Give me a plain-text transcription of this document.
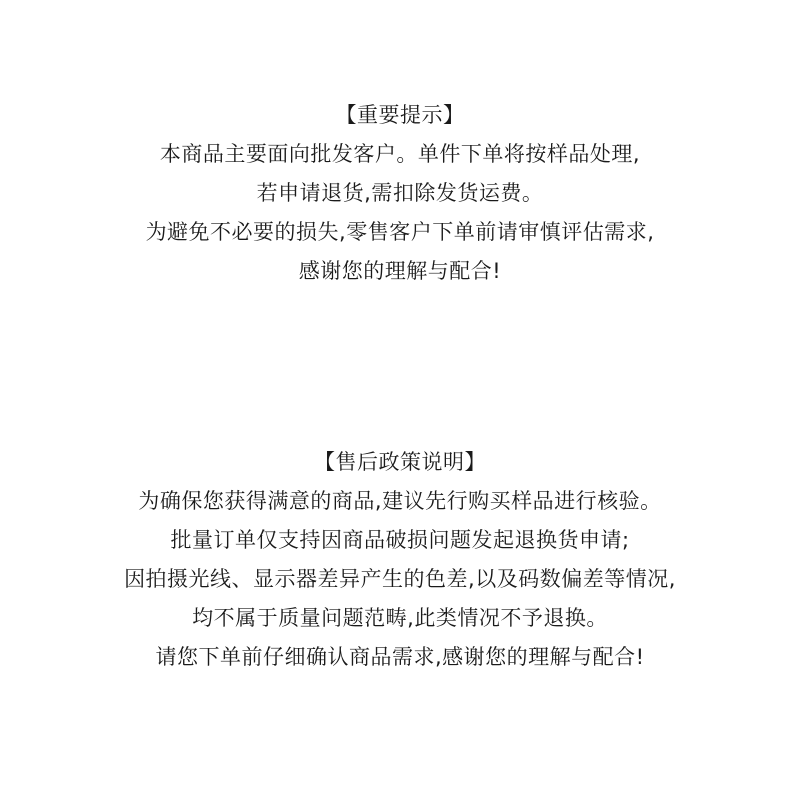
【重要提示】
本商品主要面向批发客户。单件下单将按样品处理,
若申请退货,需扣除发货运费。
为避免不必要的损失,零售客户下单前请审慎评估需求,
感谢您的理解与配合!
【售后政策说明】
为确保您获得满意的商品,建议先行购买样品进行核验。
批量订单仅支持因商品破损问题发起退换货申请;
因拍摄光线、显示器差异产生的色差,以及码数偏差等情况,
均不属于质量问题范畴,此类情况不予退换。
请您下单前仔细确认商品需求,感谢您的理解与配合!
